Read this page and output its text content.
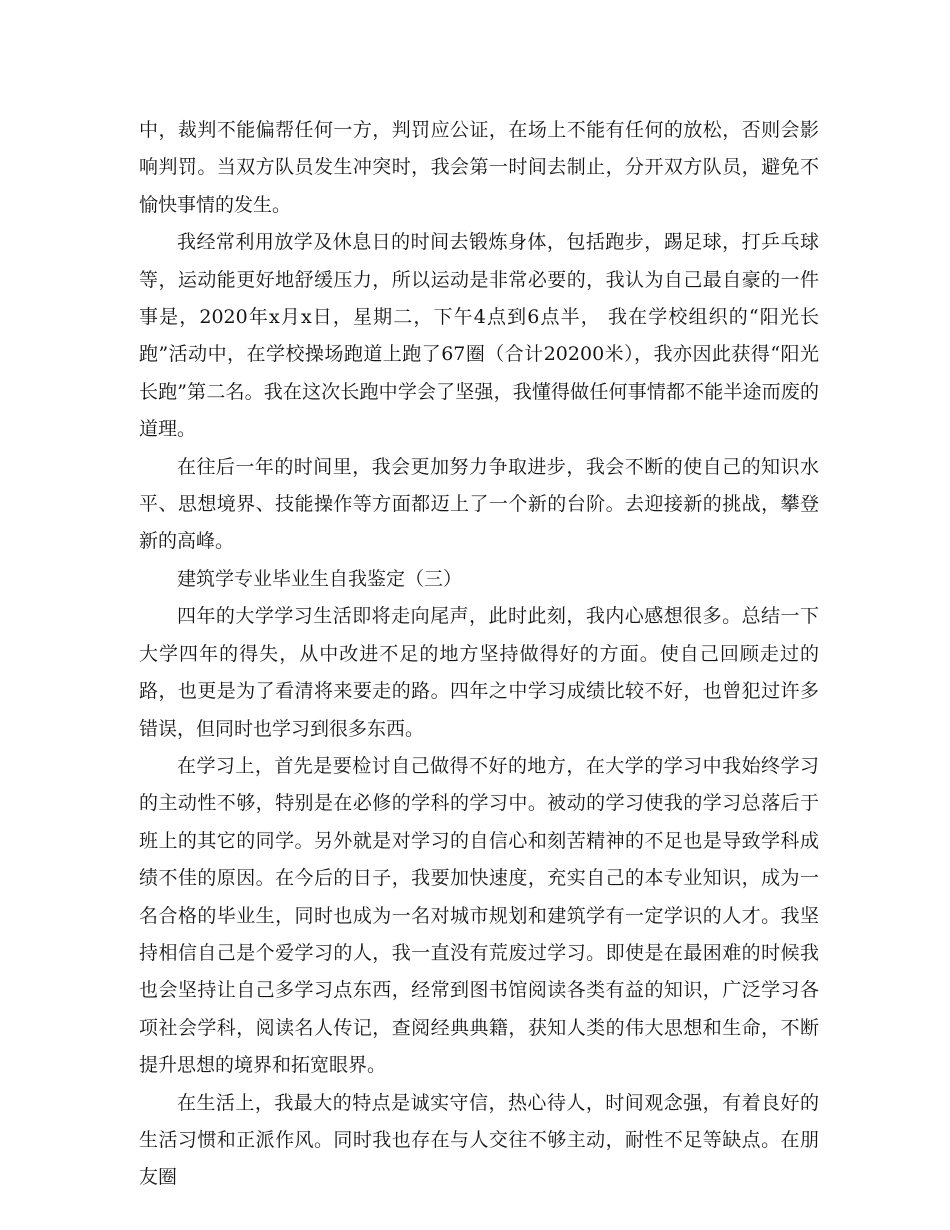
中，裁判不能偏帮任何一方，判罚应公证，在场上不能有任何的放松，否则会影响判罚。当双方队员发生冲突时，我会第一时间去制止，分开双方队员，避免不愉快事情的发生。

我经常利用放学及休息日的时间去锻炼身体，包括跑步，踢足球，打乒乓球等，运动能更好地舒缓压力，所以运动是非常必要的，我认为自己最自豪的一件事是，2020年x月x日，星期二，下午4点到6点半， 我在学校组织的“阳光长跑”活动中，在学校操场跑道上跑了67圈（合计20200米），我亦因此获得“阳光长跑”第二名。我在这次长跑中学会了坚强，我懂得做任何事情都不能半途而废的道理。

在往后一年的时间里，我会更加努力争取进步，我会不断的使自己的知识水平、思想境界、技能操作等方面都迈上了一个新的台阶。去迎接新的挑战，攀登新的高峰。

建筑学专业毕业生自我鉴定（三）

四年的大学学习生活即将走向尾声，此时此刻，我内心感想很多。总结一下大学四年的得失，从中改进不足的地方坚持做得好的方面。使自己回顾走过的路，也更是为了看清将来要走的路。四年之中学习成绩比较不好，也曾犯过许多错误，但同时也学习到很多东西。

在学习上，首先是要检讨自己做得不好的地方，在大学的学习中我始终学习的主动性不够，特别是在必修的学科的学习中。被动的学习使我的学习总落后于班上的其它的同学。另外就是对学习的自信心和刻苦精神的不足也是导致学科成绩不佳的原因。在今后的日子，我要加快速度，充实自己的本专业知识，成为一名合格的毕业生，同时也成为一名对城市规划和建筑学有一定学识的人才。我坚持相信自己是个爱学习的人，我一直没有荒废过学习。即使是在最困难的时候我也会坚持让自己多学习点东西，经常到图书馆阅读各类有益的知识，广泛学习各项社会学科，阅读名人传记，查阅经典典籍，获知人类的伟大思想和生命，不断提升思想的境界和拓宽眼界。

在生活上，我最大的特点是诚实守信，热心待人，时间观念强，有着良好的生活习惯和正派作风。同时我也存在与人交往不够主动，耐性不足等缺点。在朋友圈
